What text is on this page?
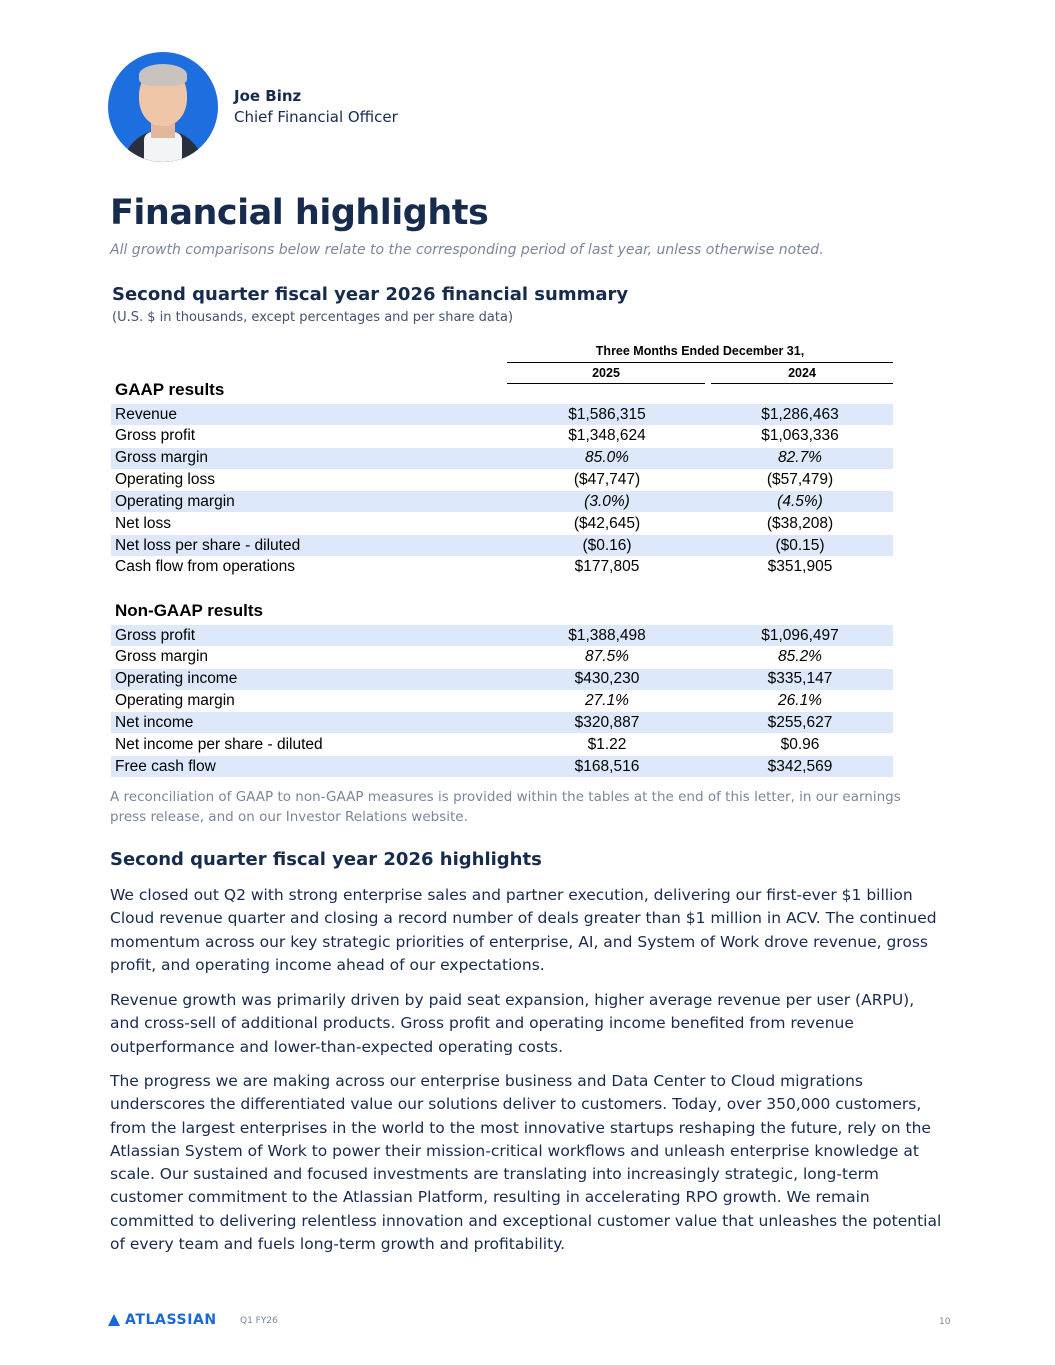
Joe Binz
Chief Financial Officer
Financial highlights
All growth comparisons below relate to the corresponding period of last year, unless otherwise noted.
Second quarter fiscal year 2026 financial summary
(U.S. $ in thousands, except percentages and per share data)
Three Months Ended December 31,
2025	2024
GAAP results
Revenue	$1,586,315	$1,286,463
Gross profit	$1,348,624	$1,063,336
Gross margin	85.0%	82.7%
Operating loss	($47,747)	($57,479)
Operating margin	(3.0%)	(4.5%)
Net loss	($42,645)	($38,208)
Net loss per share - diluted	($0.16)	($0.15)
Cash flow from operations	$177,805	$351,905
Non-GAAP results
Gross profit	$1,388,498	$1,096,497
Gross margin	87.5%	85.2%
Operating income	$430,230	$335,147
Operating margin	27.1%	26.1%
Net income	$320,887	$255,627
Net income per share - diluted	$1.22	$0.96
Free cash flow	$168,516	$342,569
A reconciliation of GAAP to non-GAAP measures is provided within the tables at the end of this letter, in our earnings press release, and on our Investor Relations website.
Second quarter fiscal year 2026 highlights

We closed out Q2 with strong enterprise sales and partner execution, delivering our first-ever $1 billion Cloud revenue quarter and closing a record number of deals greater than $1 million in ACV. The continued momentum across our key strategic priorities of enterprise, AI, and System of Work drove revenue, gross profit, and operating income ahead of our expectations.

Revenue growth was primarily driven by paid seat expansion, higher average revenue per user (ARPU), and cross-sell of additional products. Gross profit and operating income benefited from revenue outperformance and lower-than-expected operating costs.

The progress we are making across our enterprise business and Data Center to Cloud migrations underscores the differentiated value our solutions deliver to customers. Today, over 350,000 customers, from the largest enterprises in the world to the most innovative startups reshaping the future, rely on the Atlassian System of Work to power their mission-critical workflows and unleash enterprise knowledge at scale. Our sustained and focused investments are translating into increasingly strategic, long-term customer commitment to the Atlassian Platform, resulting in accelerating RPO growth. We remain committed to delivering relentless innovation and exceptional customer value that unleashes the potential of every team and fuels long-term growth and profitability.

ATLASSIAN	Q1 FY26	10
